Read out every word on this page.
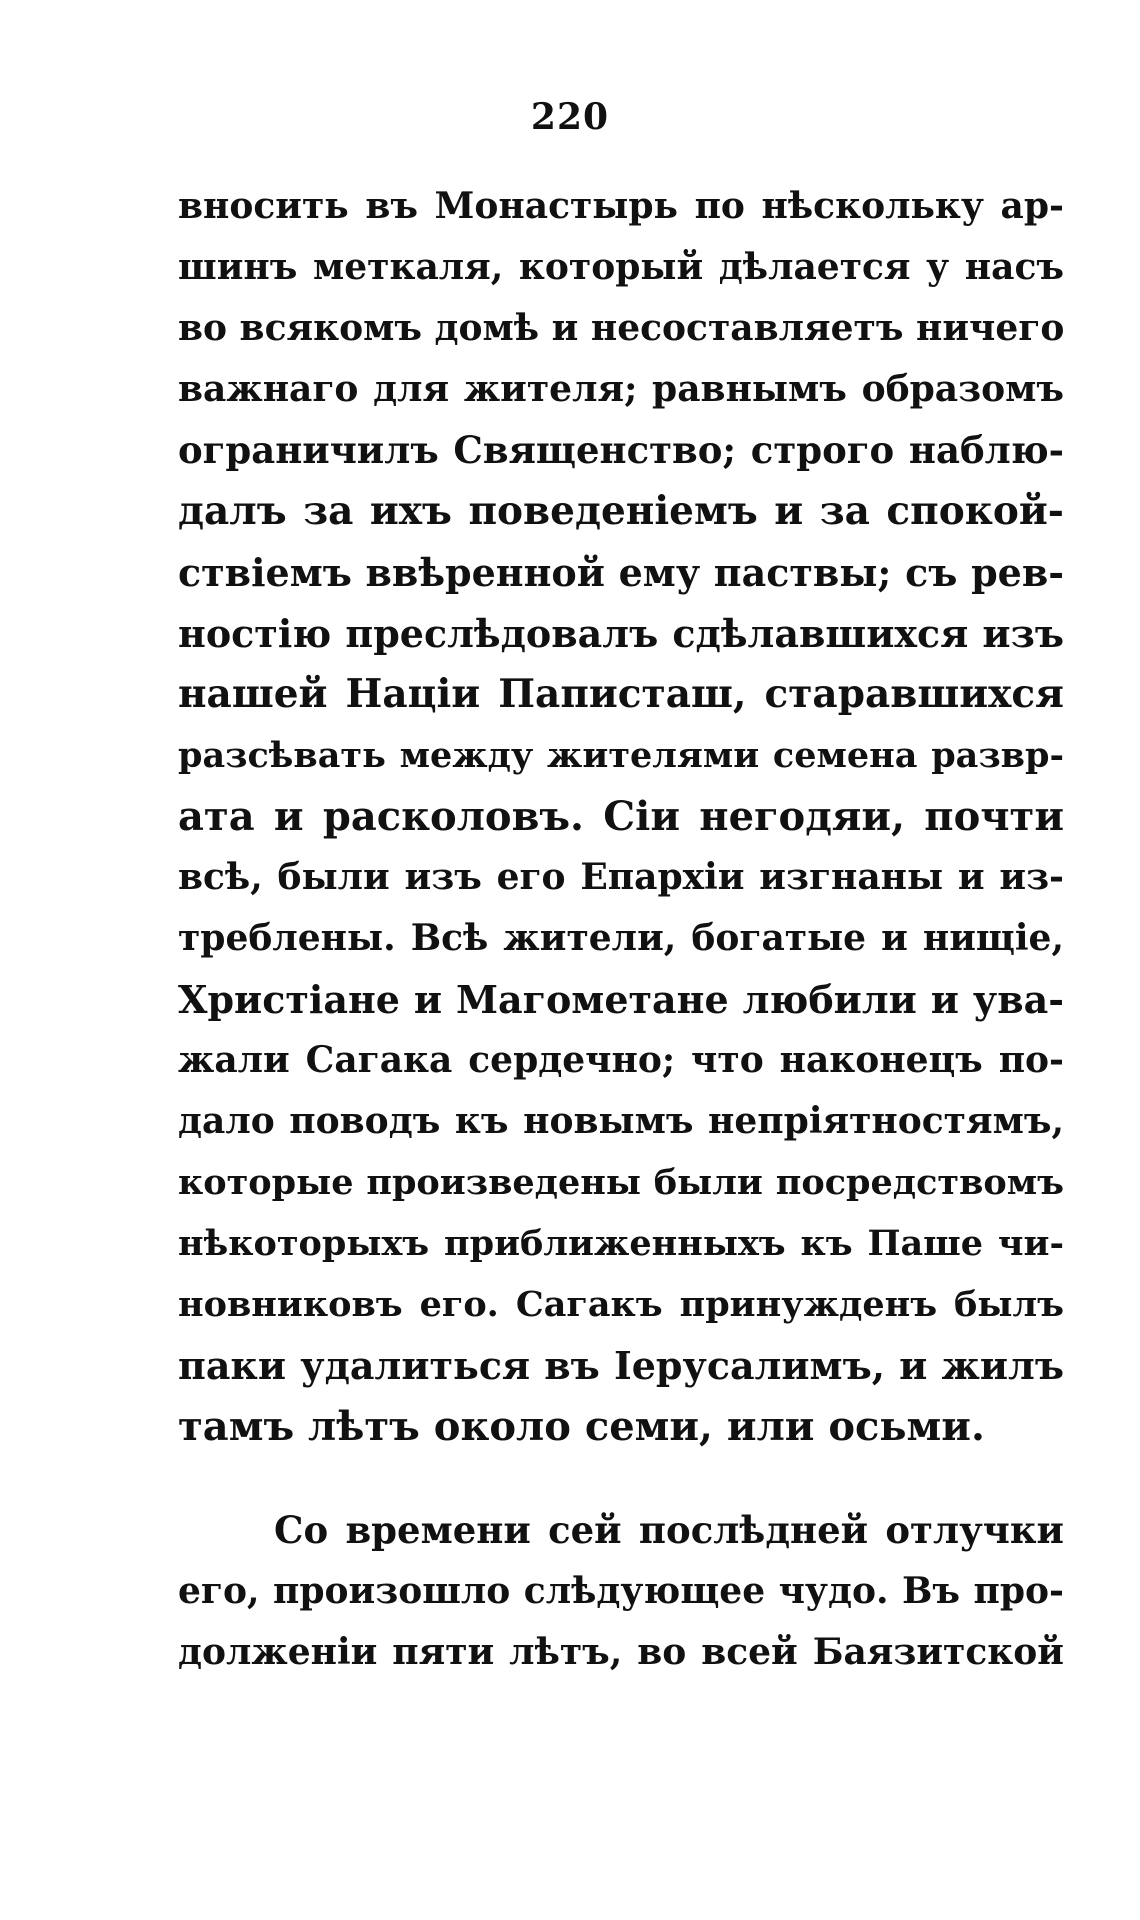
220
вносить въ Монастырь по нѣскольку ар-
шинъ меткаля, который дѣлается у насъ
во всякомъ домѣ и несоставляетъ ничего
важнаго для жителя; равнымъ образомъ
ограничилъ Священство; строго наблю-
далъ за ихъ поведенiемъ и за спокой-
ствiемъ ввѣренной ему паствы; съ рев-
ностiю преслѣдовалъ сдѣлавшихся изъ
нашей Нацiи Паписташ, старавшихся
разсѣвать между жителями семена развр-
ата и расколовъ. Сiи негодяи, почти
всѣ, были изъ его Епархiи изгнаны и из-
треблены. Всѣ жители, богатые и нищiе,
Христiане и Магометане любили и ува-
жали Сагака сердечно; что наконецъ по-
дало поводъ къ новымъ непрiятностямъ,
которые произведены были посредствомъ
нѣкоторыхъ приближенныхъ къ Паше чи-
новниковъ его. Сагакъ принужденъ былъ
паки удалиться въ Iерусалимъ, и жилъ
тамъ лѣтъ около семи, или осьми.
Со времени сей послѣдней отлучки
его, произошло слѣдующее чудо. Въ про-
долженiи пяти лѣтъ, во всей Баязитской
